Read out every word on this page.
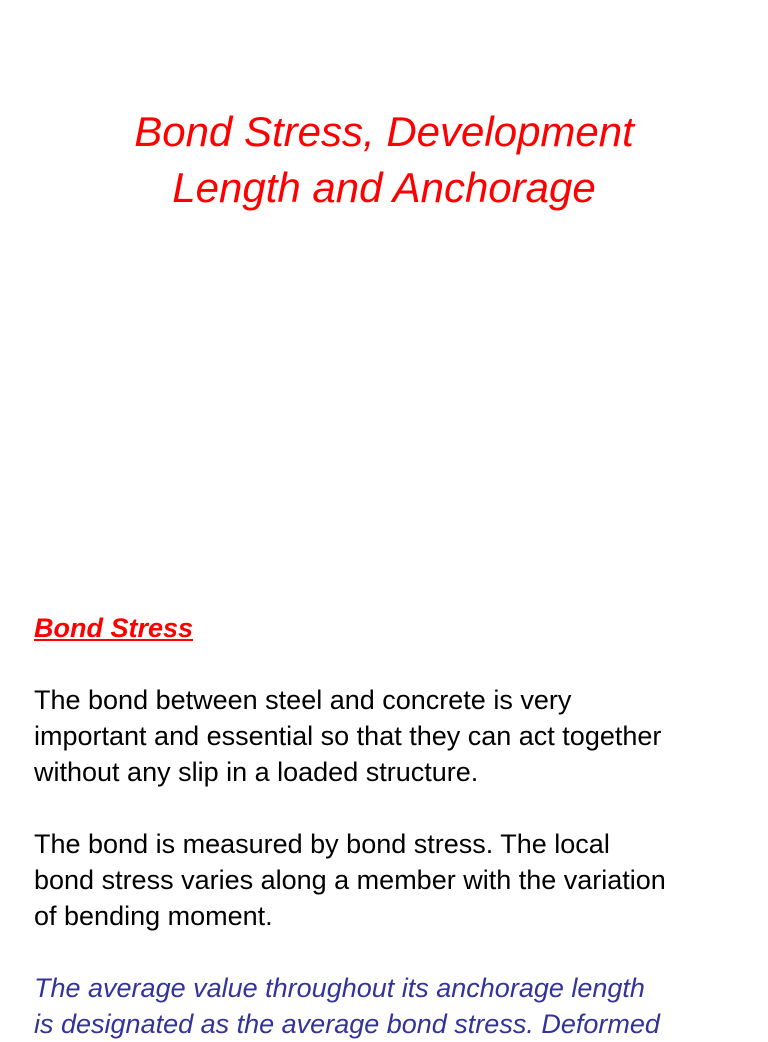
Bond Stress, Development
Length and Anchorage
Bond Stress
The bond between steel and concrete is very
important and essential so that they can act together
without any slip in a loaded structure.
The bond is measured by bond stress. The local
bond stress varies along a member with the variation
of bending moment.
The average value throughout its anchorage length
is designated as the average bond stress. Deformed
